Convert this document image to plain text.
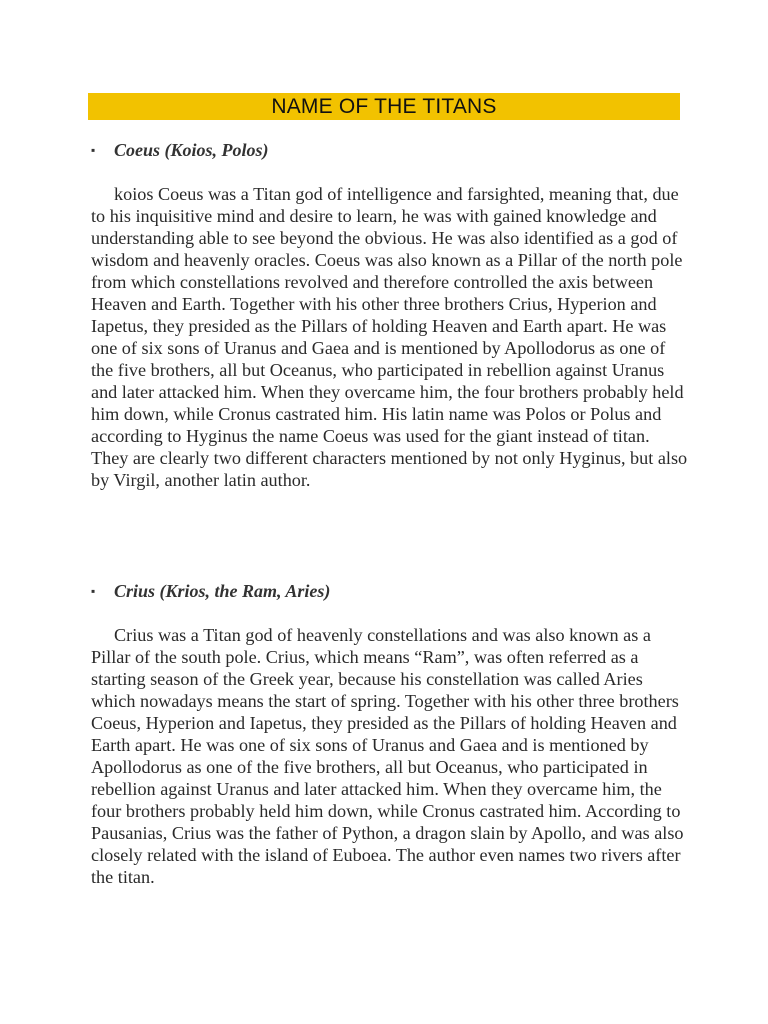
NAME OF THE TITANS
▪ Coeus (Koios, Polos)

koios Coeus was a Titan god of intelligence and farsighted, meaning that, due to his inquisitive mind and desire to learn, he was with gained knowledge and understanding able to see beyond the obvious. He was also identified as a god of wisdom and heavenly oracles. Coeus was also known as a Pillar of the north pole from which constellations revolved and therefore controlled the axis between Heaven and Earth. Together with his other three brothers Crius, Hyperion and Iapetus, they presided as the Pillars of holding Heaven and Earth apart. He was one of six sons of Uranus and Gaea and is mentioned by Apollodorus as one of the five brothers, all but Oceanus, who participated in rebellion against Uranus and later attacked him. When they overcame him, the four brothers probably held him down, while Cronus castrated him. His latin name was Polos or Polus and according to Hyginus the name Coeus was used for the giant instead of titan. They are clearly two different characters mentioned by not only Hyginus, but also by Virgil, another latin author.

▪ Crius (Krios, the Ram, Aries)

Crius was a Titan god of heavenly constellations and was also known as a Pillar of the south pole. Crius, which means “Ram”, was often referred as a starting season of the Greek year, because his constellation was called Aries which nowadays means the start of spring. Together with his other three brothers Coeus, Hyperion and Iapetus, they presided as the Pillars of holding Heaven and Earth apart. He was one of six sons of Uranus and Gaea and is mentioned by Apollodorus as one of the five brothers, all but Oceanus, who participated in rebellion against Uranus and later attacked him. When they overcame him, the four brothers probably held him down, while Cronus castrated him. According to Pausanias, Crius was the father of Python, a dragon slain by Apollo, and was also closely related with the island of Euboea. The author even names two rivers after the titan.
